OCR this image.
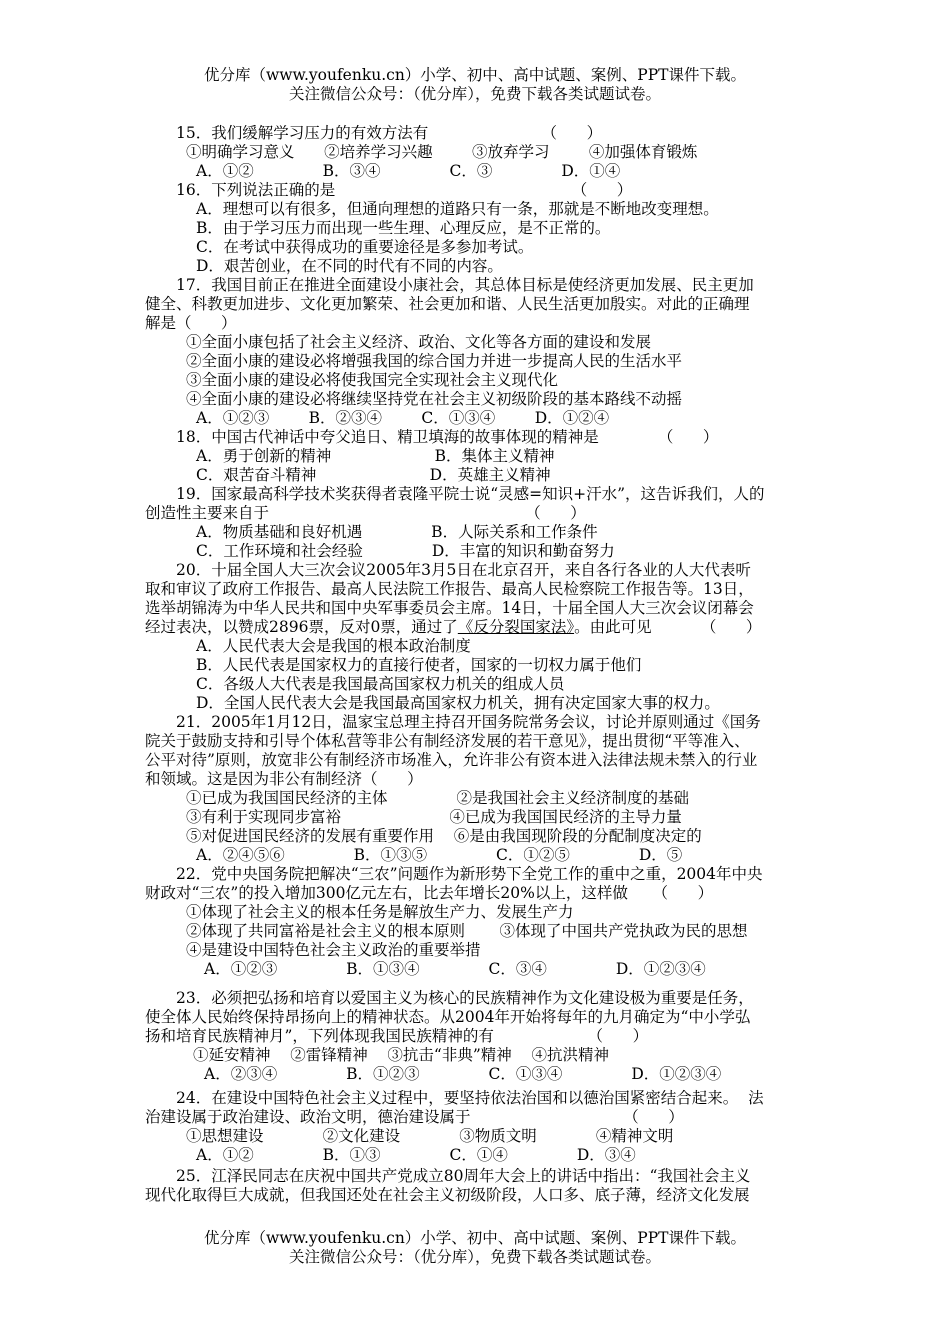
优分库（www.youfenku.cn）小学、初中、高中试题、案例、PPT课件下载。
关注微信公众号：（优分库），免费下载各类试题试卷。
15．我们缓解学习压力的有效方法有                       （      ）
①明确学习意义      ②培养学习兴趣        ③放弃学习        ④加强体育锻炼
A．①②              B．③④              C．③              D．①④
16．下列说法正确的是                                                （      ）
A．理想可以有很多，但通向理想的道路只有一条，那就是不断地改变理想。
B．由于学习压力而出现一些生理、心理反应，是不正常的。
C．在考试中获得成功的重要途径是多参加考试。
D．艰苦创业，在不同的时代有不同的内容。
17．我国目前正在推进全面建设小康社会，其总体目标是使经济更加发展、民主更加
健全、科教更加进步、文化更加繁荣、社会更加和谐、人民生活更加殷实。对此的正确理
解是（      ）
①全面小康包括了社会主义经济、政治、文化等各方面的建设和发展
②全面小康的建设必将增强我国的综合国力并进一步提高人民的生活水平
③全面小康的建设必将使我国完全实现社会主义现代化
④全面小康的建设必将继续坚持党在社会主义初级阶段的基本路线不动摇
A．①②③        B．②③④        C．①③④        D．①②④
18．中国古代神话中夸父追日、精卫填海的故事体现的精神是            （      ）
A．勇于创新的精神                     B．集体主义精神
C．艰苦奋斗精神                       D．英雄主义精神
19．国家最高科学技术奖获得者袁隆平院士说“灵感=知识+汗水”，这告诉我们，人的
创造性主要来自于                                                    （      ）
A．物质基础和良好机遇              B．人际关系和工作条件
C．工作环境和社会经验              D．丰富的知识和勤奋努力
20．十届全国人大三次会议2005年3月5日在北京召开，来自各行各业的人大代表听
取和审议了政府工作报告、最高人民法院工作报告、最高人民检察院工作报告等。13日，
选举胡锦涛为中华人民共和国中央军事委员会主席。14日，十届全国人大三次会议闭幕会
经过表决，以赞成2896票，反对0票，通过了《反分裂国家法》。由此可见          （      ）
A．人民代表大会是我国的根本政治制度
B．人民代表是国家权力的直接行使者，国家的一切权力属于他们
C．各级人大代表是我国最高国家权力机关的组成人员
D．全国人民代表大会是我国最高国家权力机关，拥有决定国家大事的权力。
21．2005年1月12日，温家宝总理主持召开国务院常务会议，讨论并原则通过《国务
院关于鼓励支持和引导个体私营等非公有制经济发展的若干意见》，提出贯彻“平等准入、
公平对待”原则，放宽非公有制经济市场准入，允许非公有资本进入法律法规未禁入的行业
和领域。这是因为非公有制经济（      ）
①已成为我国国民经济的主体              ②是我国社会主义经济制度的基础
③有利于实现同步富裕                      ④已成为我国国民经济的主导力量
⑤对促进国民经济的发展有重要作用    ⑥是由我国现阶段的分配制度决定的
A．②④⑤⑥              B．①③⑤              C．①②⑤              D．⑤
22．党中央国务院把解决“三农”问题作为新形势下全党工作的重中之重，2004年中央
财政对“三农”的投入增加300亿元左右，比去年增长20%以上，这样做     （      ）
①体现了社会主义的根本任务是解放生产力、发展生产力
②体现了共同富裕是社会主义的根本原则       ③体现了中国共产党执政为民的思想
④是建设中国特色社会主义政治的重要举措
A．①②③              B．①③④              C．③④              D．①②③④
23．必须把弘扬和培育以爱国主义为核心的民族精神作为文化建设极为重要是任务，
使全体人民始终保持昂扬向上的精神状态。从2004年开始将每年的九月确定为“中小学弘
扬和培育民族精神月”，下列体现我国民族精神的有                   （      ）
①延安精神    ②雷锋精神    ③抗击“非典”精神    ④抗洪精神
A．②③④              B．①②③              C．①③④              D．①②③④
24．在建设中国特色社会主义过程中，要坚持依法治国和以德治国紧密结合起来。  法
治建设属于政治建设、政治文明，德治建设属于                               （      ）
①思想建设            ②文化建设            ③物质文明            ④精神文明
A．①②              B．①③              C．①④              D．③④
25．江泽民同志在庆祝中国共产党成立80周年大会上的讲话中指出：“我国社会主义
现代化取得巨大成就，但我国还处在社会主义初级阶段，人口多、底子薄，经济文化发展
优分库（www.youfenku.cn）小学、初中、高中试题、案例、PPT课件下载。
关注微信公众号：（优分库），免费下载各类试题试卷。
